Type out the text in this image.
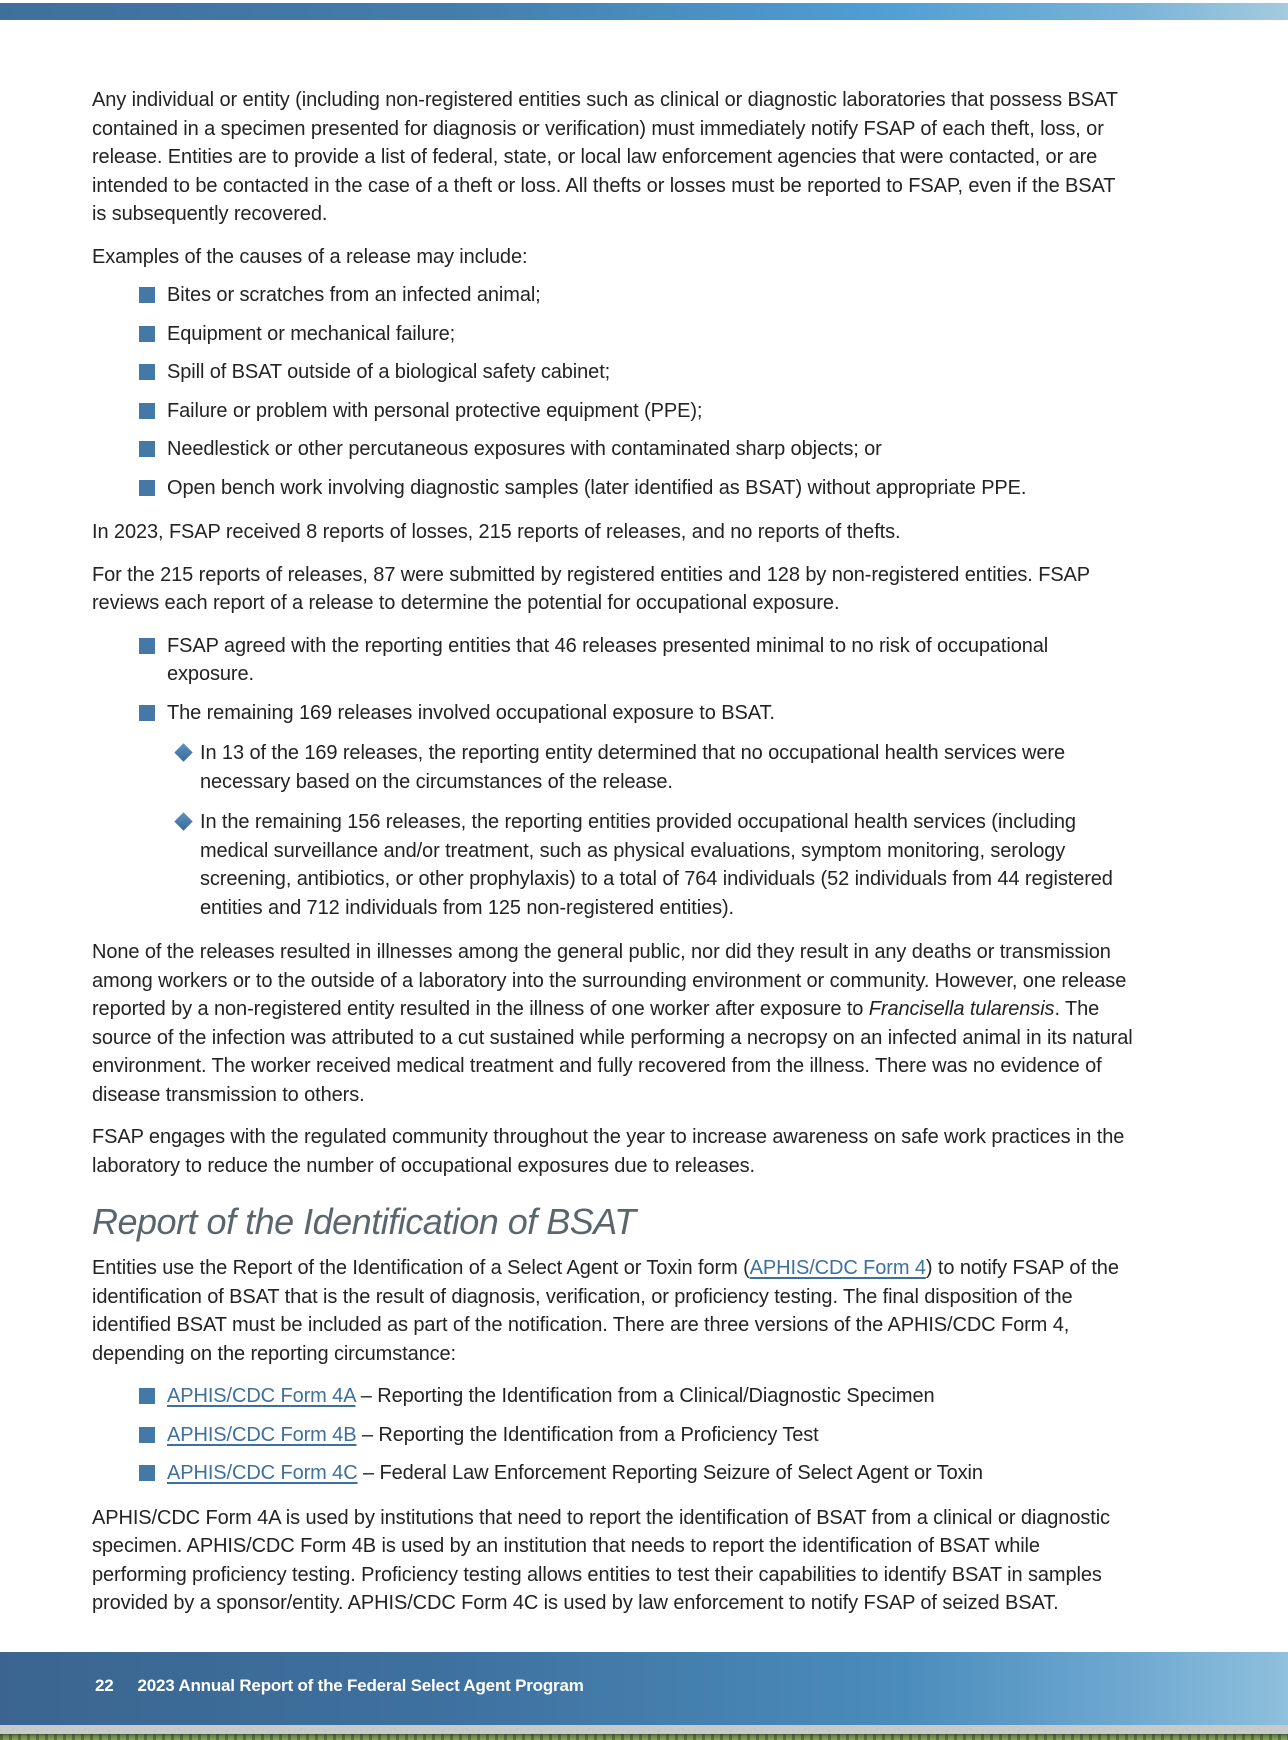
Any individual or entity (including non-registered entities such as clinical or diagnostic laboratories that possess BSAT contained in a specimen presented for diagnosis or verification) must immediately notify FSAP of each theft, loss, or release. Entities are to provide a list of federal, state, or local law enforcement agencies that were contacted, or are intended to be contacted in the case of a theft or loss. All thefts or losses must be reported to FSAP, even if the BSAT is subsequently recovered.

Examples of the causes of a release may include:

Bites or scratches from an infected animal;
Equipment or mechanical failure;
Spill of BSAT outside of a biological safety cabinet;
Failure or problem with personal protective equipment (PPE);
Needlestick or other percutaneous exposures with contaminated sharp objects; or
Open bench work involving diagnostic samples (later identified as BSAT) without appropriate PPE.

In 2023, FSAP received 8 reports of losses, 215 reports of releases, and no reports of thefts.

For the 215 reports of releases, 87 were submitted by registered entities and 128 by non-registered entities. FSAP reviews each report of a release to determine the potential for occupational exposure.

FSAP agreed with the reporting entities that 46 releases presented minimal to no risk of occupational exposure.
The remaining 169 releases involved occupational exposure to BSAT.
In 13 of the 169 releases, the reporting entity determined that no occupational health services were necessary based on the circumstances of the release.
In the remaining 156 releases, the reporting entities provided occupational health services (including medical surveillance and/or treatment, such as physical evaluations, symptom monitoring, serology screening, antibiotics, or other prophylaxis) to a total of 764 individuals (52 individuals from 44 registered entities and 712 individuals from 125 non-registered entities).

None of the releases resulted in illnesses among the general public, nor did they result in any deaths or transmission among workers or to the outside of a laboratory into the surrounding environment or community. However, one release reported by a non-registered entity resulted in the illness of one worker after exposure to Francisella tularensis. The source of the infection was attributed to a cut sustained while performing a necropsy on an infected animal in its natural environment. The worker received medical treatment and fully recovered from the illness. There was no evidence of disease transmission to others.

FSAP engages with the regulated community throughout the year to increase awareness on safe work practices in the laboratory to reduce the number of occupational exposures due to releases.

Report of the Identification of BSAT

Entities use the Report of the Identification of a Select Agent or Toxin form (APHIS/CDC Form 4) to notify FSAP of the identification of BSAT that is the result of diagnosis, verification, or proficiency testing. The final disposition of the identified BSAT must be included as part of the notification. There are three versions of the APHIS/CDC Form 4, depending on the reporting circumstance:

APHIS/CDC Form 4A – Reporting the Identification from a Clinical/Diagnostic Specimen
APHIS/CDC Form 4B – Reporting the Identification from a Proficiency Test
APHIS/CDC Form 4C – Federal Law Enforcement Reporting Seizure of Select Agent or Toxin

APHIS/CDC Form 4A is used by institutions that need to report the identification of BSAT from a clinical or diagnostic specimen. APHIS/CDC Form 4B is used by an institution that needs to report the identification of BSAT while performing proficiency testing. Proficiency testing allows entities to test their capabilities to identify BSAT in samples provided by a sponsor/entity. APHIS/CDC Form 4C is used by law enforcement to notify FSAP of seized BSAT.

22 2023 Annual Report of the Federal Select Agent Program
